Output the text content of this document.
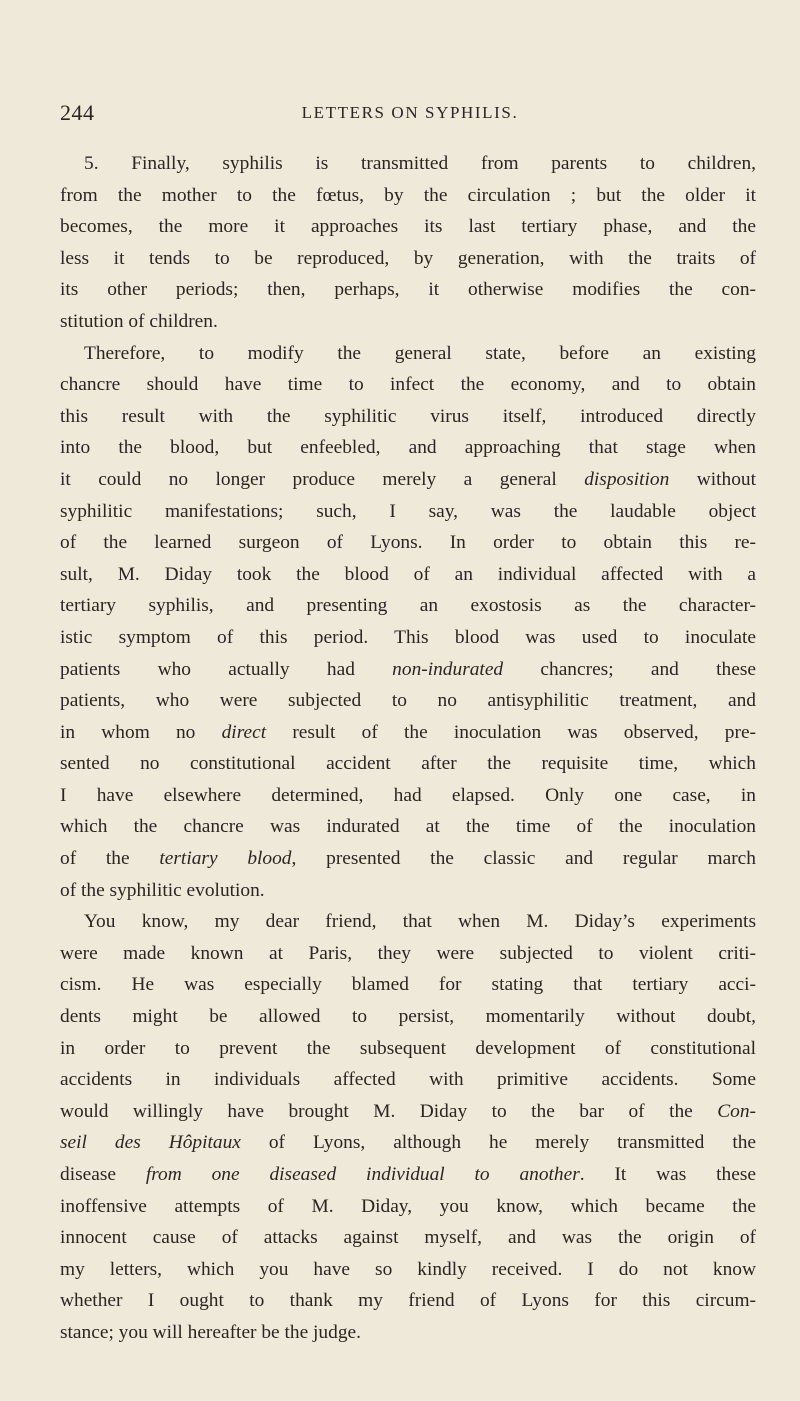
244	LETTERS ON SYPHILIS.
5. Finally, syphilis is transmitted from parents to children,
from the mother to the fœtus, by the circulation ; but the older it
becomes, the more it approaches its last tertiary phase, and the
less it tends to be reproduced, by generation, with the traits of
its other periods; then, perhaps, it otherwise modifies the con-
stitution of children.
Therefore, to modify the general state, before an existing
chancre should have time to infect the economy, and to obtain
this result with the syphilitic virus itself, introduced directly
into the blood, but enfeebled, and approaching that stage when
it could no longer produce merely a general disposition without
syphilitic manifestations; such, I say, was the laudable object
of the learned surgeon of Lyons. In order to obtain this re-
sult, M. Diday took the blood of an individual affected with a
tertiary syphilis, and presenting an exostosis as the character-
istic symptom of this period. This blood was used to inoculate
patients who actually had non-indurated chancres; and these
patients, who were subjected to no antisyphilitic treatment, and
in whom no direct result of the inoculation was observed, pre-
sented no constitutional accident after the requisite time, which
I have elsewhere determined, had elapsed. Only one case, in
which the chancre was indurated at the time of the inoculation
of the tertiary blood, presented the classic and regular march
of the syphilitic evolution.
You know, my dear friend, that when M. Diday’s experiments
were made known at Paris, they were subjected to violent criti-
cism. He was especially blamed for stating that tertiary acci-
dents might be allowed to persist, momentarily without doubt,
in order to prevent the subsequent development of constitutional
accidents in individuals affected with primitive accidents. Some
would willingly have brought M. Diday to the bar of the Con-
seil des Hôpitaux of Lyons, although he merely transmitted the
disease from one diseased individual to another. It was these
inoffensive attempts of M. Diday, you know, which became the
innocent cause of attacks against myself, and was the origin of
my letters, which you have so kindly received. I do not know
whether I ought to thank my friend of Lyons for this circum-
stance; you will hereafter be the judge.
